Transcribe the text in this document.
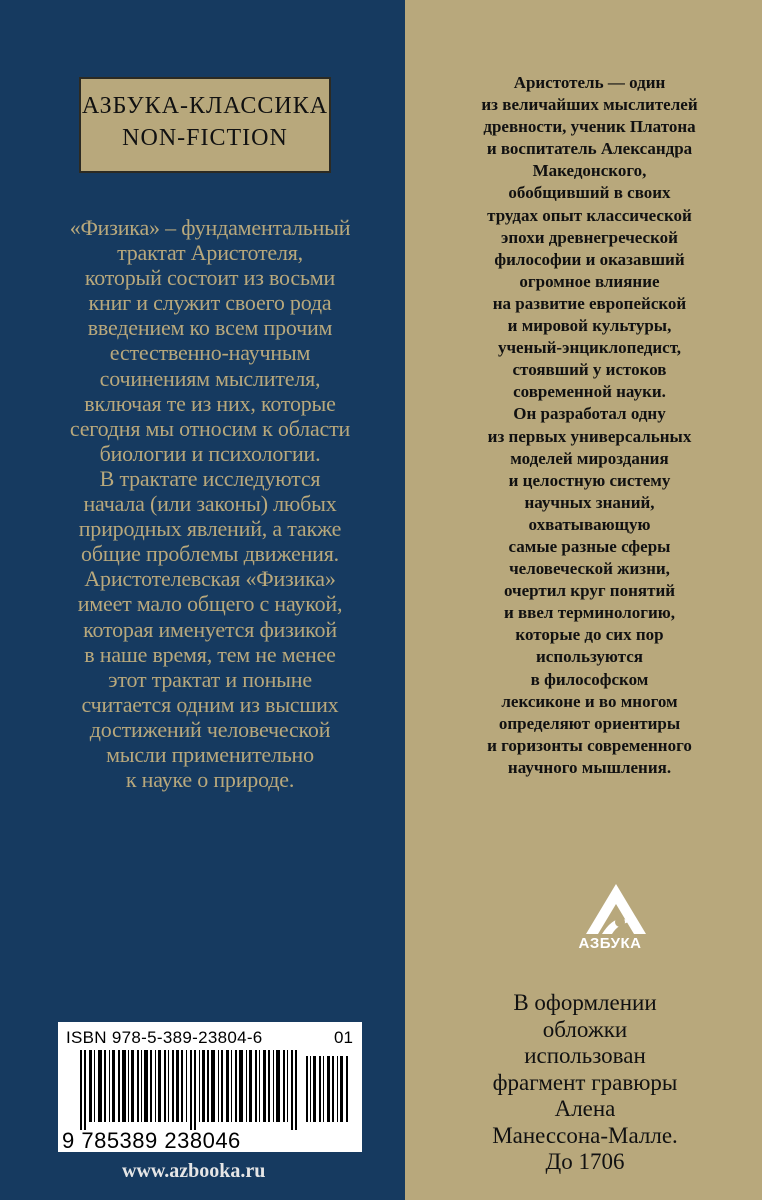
АЗБУКА-КЛАССИКА
NON-FICTION
«Физика» – фундаментальный
трактат Аристотеля,
который состоит из восьми
книг и служит своего рода
введением ко всем прочим
естественно-научным
сочинениям мыслителя,
включая те из них, которые
сегодня мы относим к области
биологии и психологии.
В трактате исследуются
начала (или законы) любых
природных явлений, а также
общие проблемы движения.
Аристотелевская «Физика»
имеет мало общего с наукой,
которая именуется физикой
в наше время, тем не менее
этот трактат и поныне
считается одним из высших
достижений человеческой
мысли применительно
к науке о природе.
Аристотель — один
из величайших мыслителей
древности, ученик Платона
и воспитатель Александра
Македонского,
обобщивший в своих
трудах опыт классической
эпохи древнегреческой
философии и оказавший
огромное влияние
на развитие европейской
и мировой культуры,
ученый-энциклопедист,
стоявший у истоков
современной науки.
Он разработал одну
из первых универсальных
моделей мироздания
и целостную систему
научных знаний,
охватывающую
самые разные сферы
человеческой жизни,
очертил круг понятий
и ввел терминологию,
которые до сих пор
используются
в философском
лексиконе и во многом
определяют ориентиры
и горизонты современного
научного мышления.
АЗБУКА
В оформлении
обложки
использован
фрагмент гравюры
Алена
Манессона-Малле.
До 1706
ISBN 978-5-389-23804-6	01
9 785389 238046
www.azbooka.ru
